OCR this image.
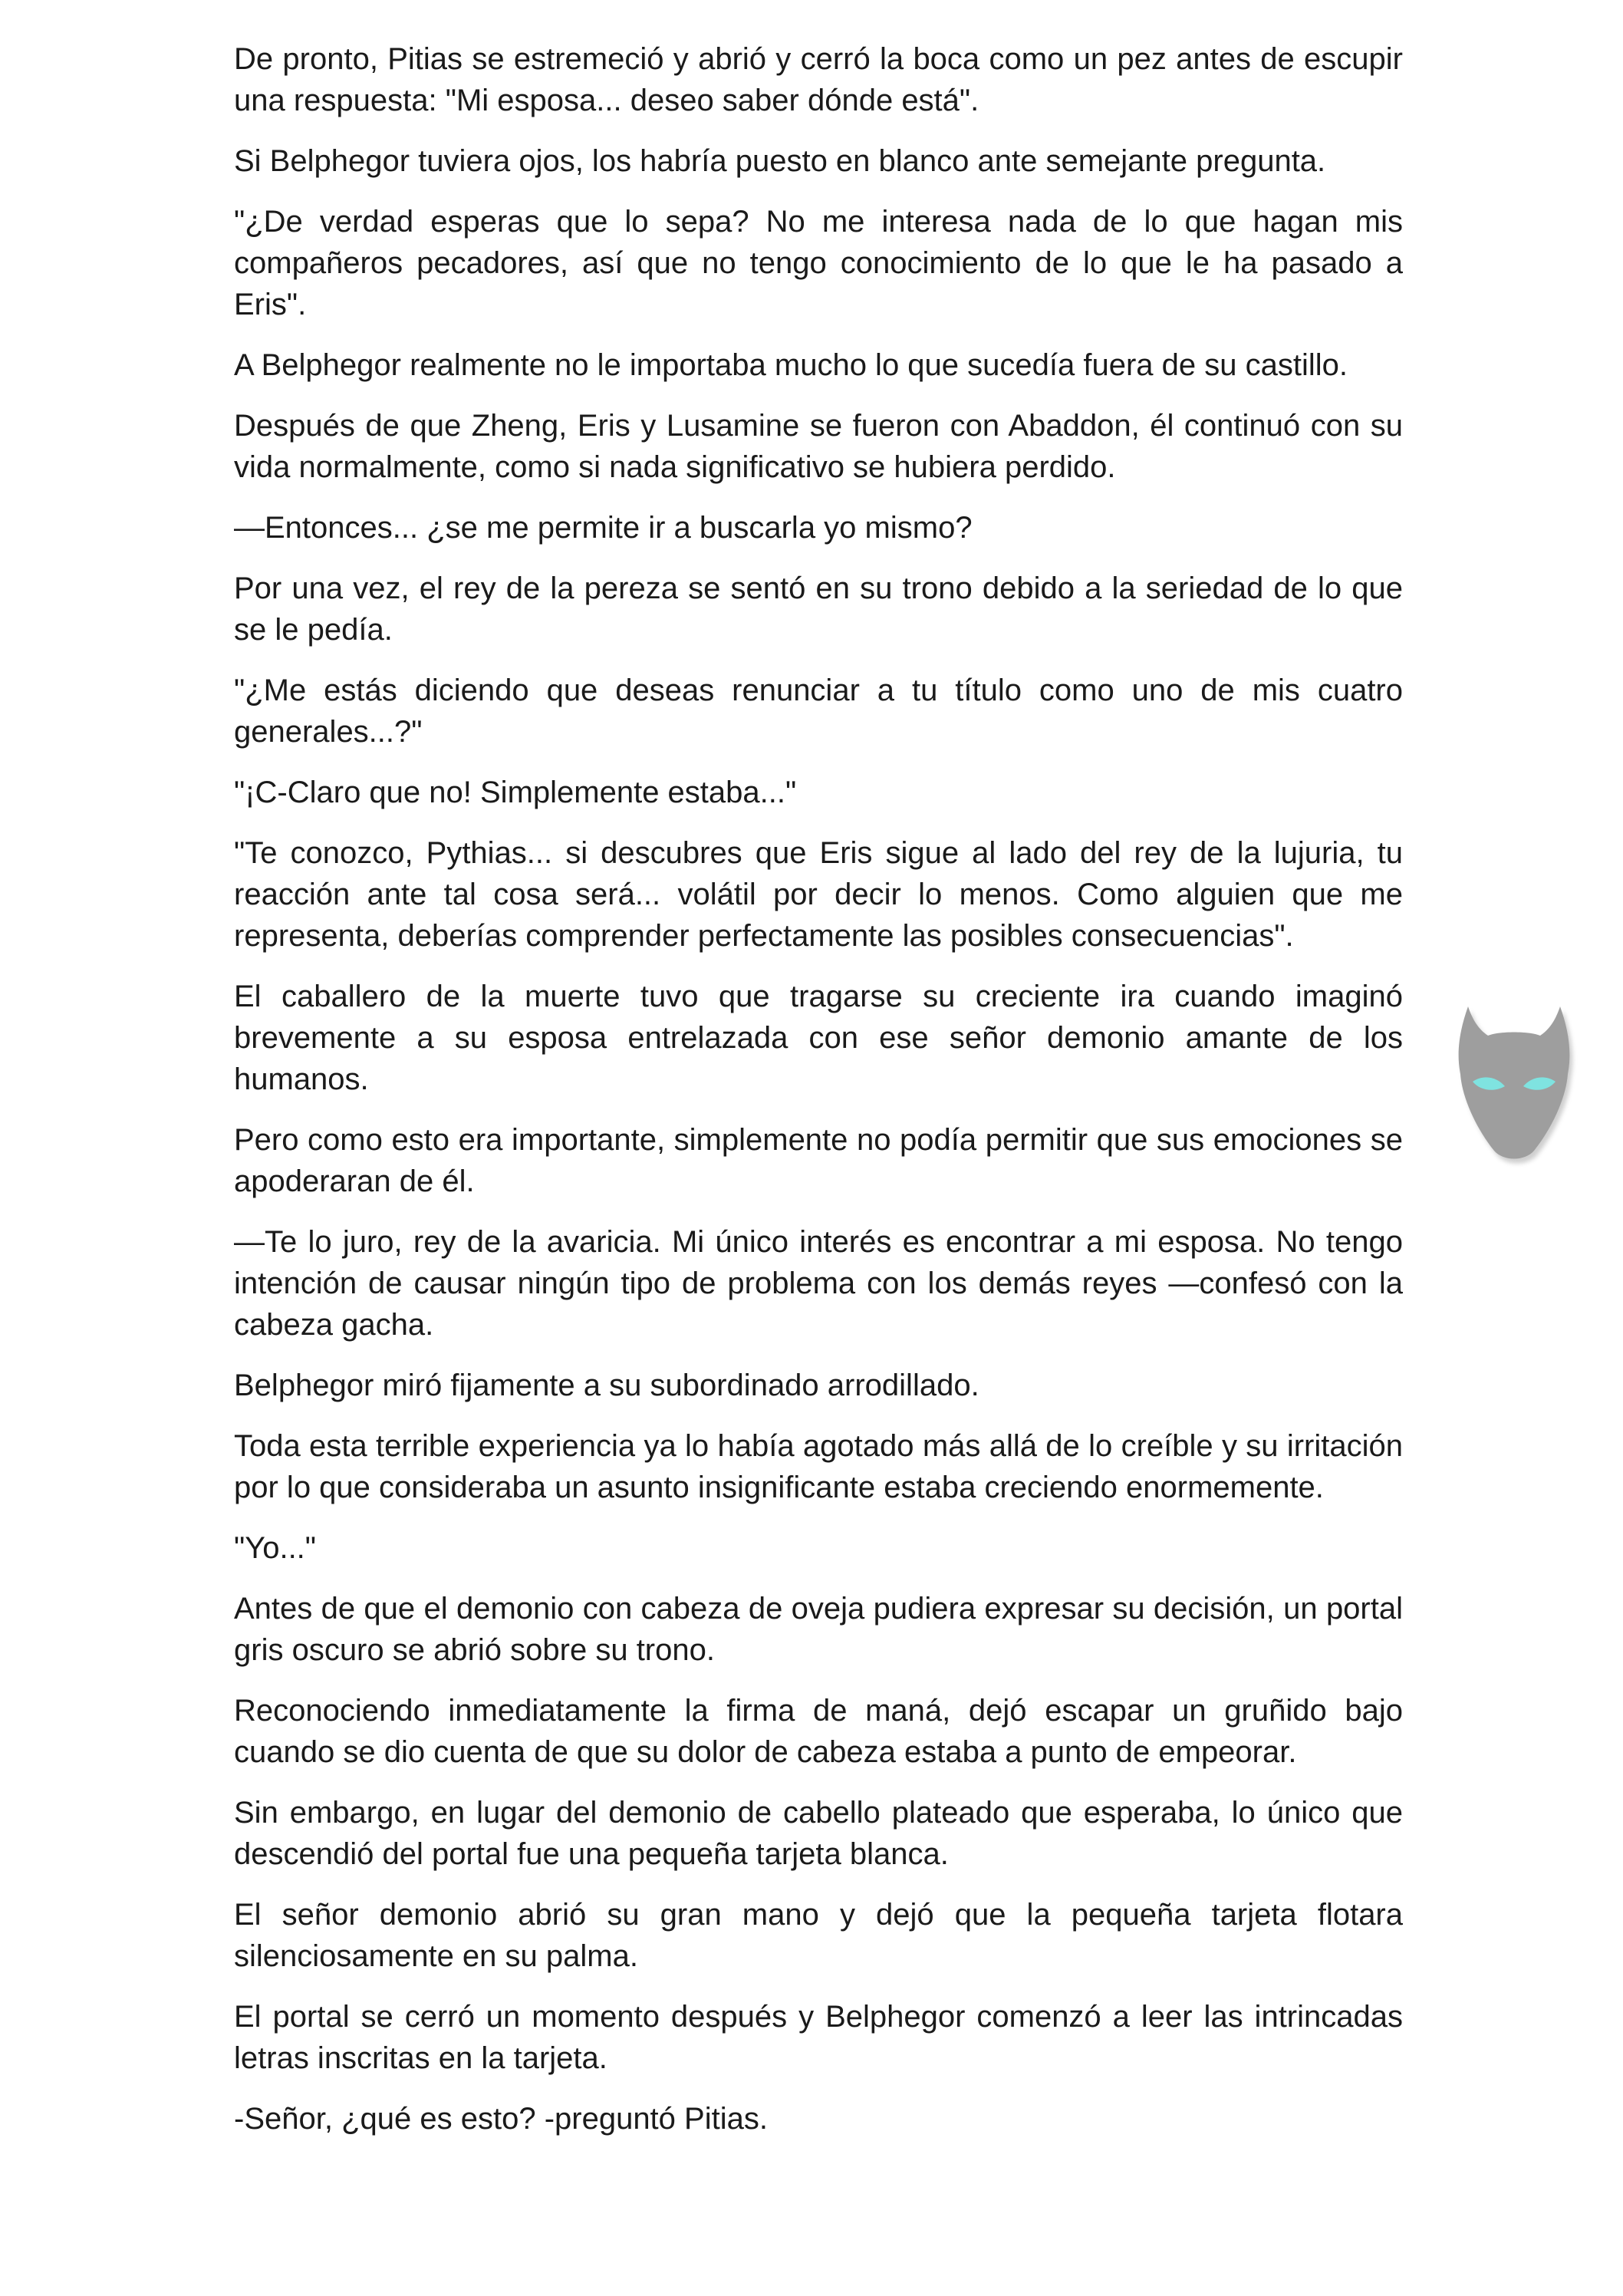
De pronto, Pitias se estremeció y abrió y cerró la boca como un pez antes de escupir una respuesta: "Mi esposa... deseo saber dónde está".

Si Belphegor tuviera ojos, los habría puesto en blanco ante semejante pregunta.

"¿De verdad esperas que lo sepa? No me interesa nada de lo que hagan mis compañeros pecadores, así que no tengo conocimiento de lo que le ha pasado a Eris".

A Belphegor realmente no le importaba mucho lo que sucedía fuera de su castillo.

Después de que Zheng, Eris y Lusamine se fueron con Abaddon, él continuó con su vida normalmente, como si nada significativo se hubiera perdido.

—Entonces... ¿se me permite ir a buscarla yo mismo?

Por una vez, el rey de la pereza se sentó en su trono debido a la seriedad de lo que se le pedía.

"¿Me estás diciendo que deseas renunciar a tu título como uno de mis cuatro generales...?"

"¡C-Claro que no! Simplemente estaba..."

"Te conozco, Pythias... si descubres que Eris sigue al lado del rey de la lujuria, tu reacción ante tal cosa será... volátil por decir lo menos. Como alguien que me representa, deberías comprender perfectamente las posibles consecuencias".

El caballero de la muerte tuvo que tragarse su creciente ira cuando imaginó brevemente a su esposa entrelazada con ese señor demonio amante de los humanos.

Pero como esto era importante, simplemente no podía permitir que sus emociones se apoderaran de él.

—Te lo juro, rey de la avaricia. Mi único interés es encontrar a mi esposa. No tengo intención de causar ningún tipo de problema con los demás reyes —confesó con la cabeza gacha.

Belphegor miró fijamente a su subordinado arrodillado.

Toda esta terrible experiencia ya lo había agotado más allá de lo creíble y su irritación por lo que consideraba un asunto insignificante estaba creciendo enormemente.

"Yo..."

Antes de que el demonio con cabeza de oveja pudiera expresar su decisión, un portal gris oscuro se abrió sobre su trono.

Reconociendo inmediatamente la firma de maná, dejó escapar un gruñido bajo cuando se dio cuenta de que su dolor de cabeza estaba a punto de empeorar.

Sin embargo, en lugar del demonio de cabello plateado que esperaba, lo único que descendió del portal fue una pequeña tarjeta blanca.

El señor demonio abrió su gran mano y dejó que la pequeña tarjeta flotara silenciosamente en su palma.

El portal se cerró un momento después y Belphegor comenzó a leer las intrincadas letras inscritas en la tarjeta.

-Señor, ¿qué es esto? -preguntó Pitias.
